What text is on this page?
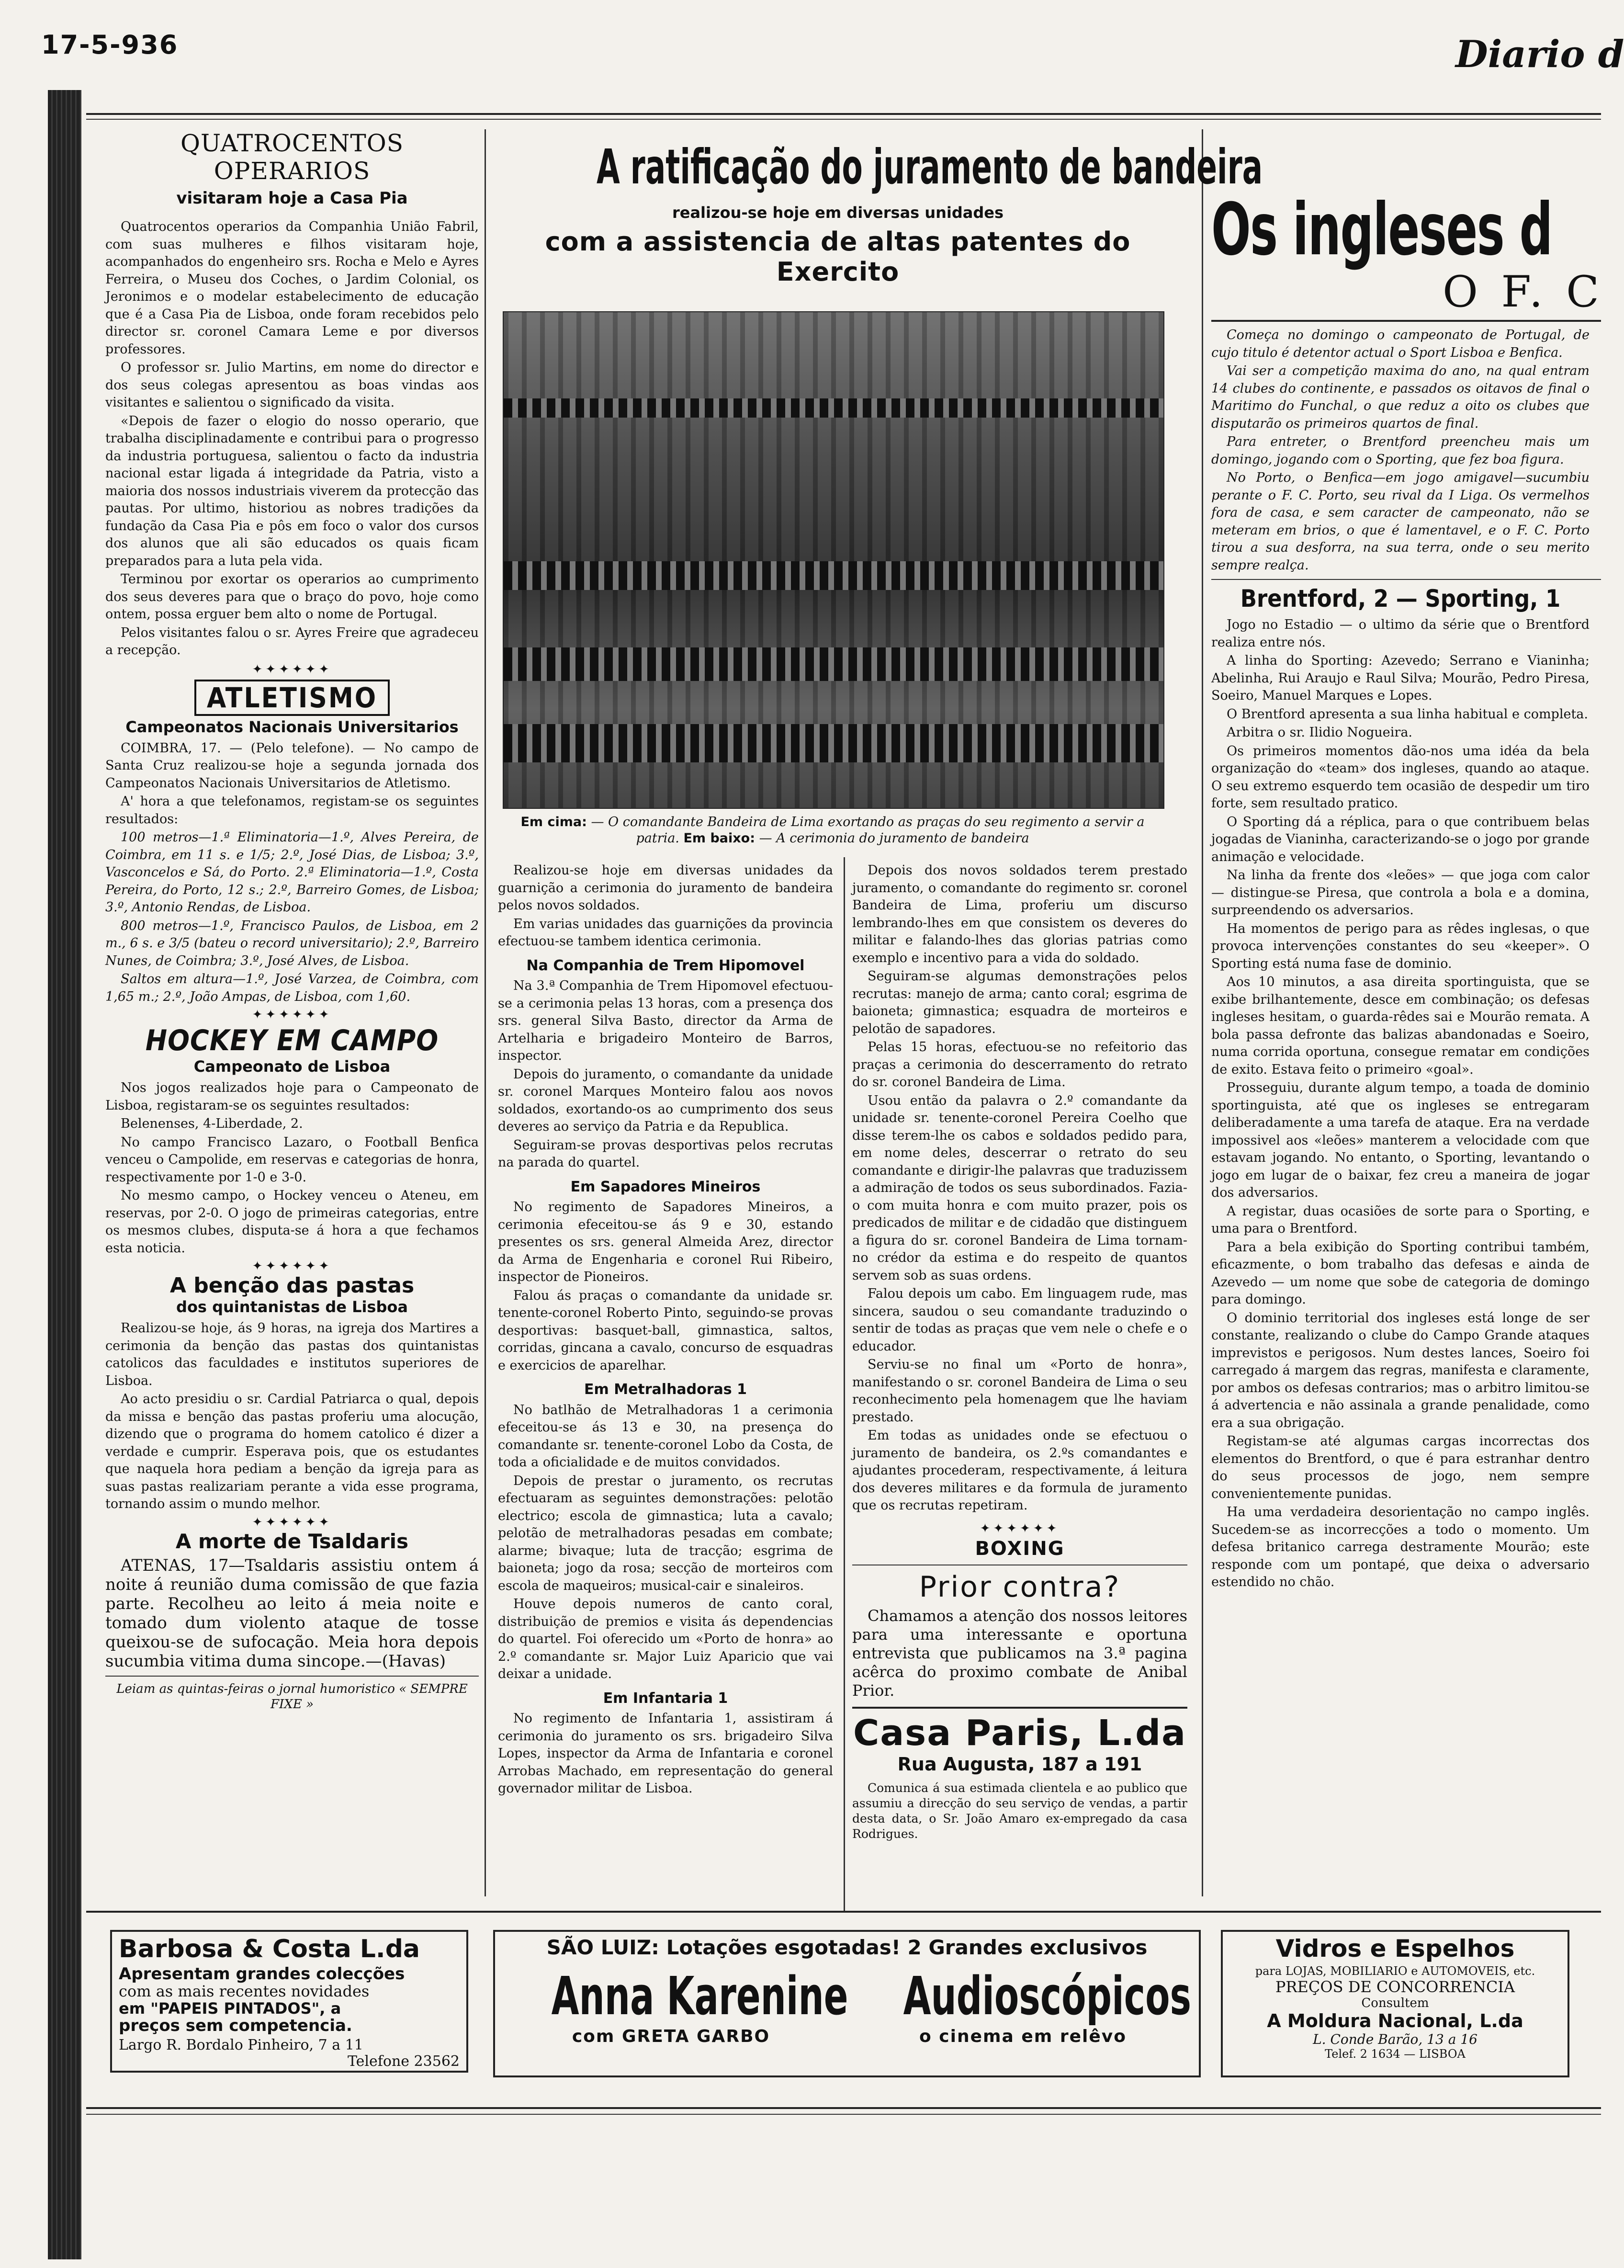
17-5-936	Diario d
QUATROCENTOS OPERARIOS
visitaram hoje a Casa Pia

Quatrocentos operarios da Companhia União Fabril, com suas mulheres e filhos visitaram hoje, acompanhados do engenheiro srs. Rocha e Melo e Ayres Ferreira, o Museu dos Coches, o Jardim Colonial, os Jeronimos e o modelar estabelecimento de educação que é a Casa Pia de Lisboa, onde foram recebidos pelo director sr. coronel Camara Leme e por diversos professores.

O professor sr. Julio Martins, em nome do director e dos seus colegas apresentou as boas vindas aos visitantes e salientou o significado da visita.

«Depois de fazer o elogio do nosso operario, que trabalha disciplinadamente e contribui para o progresso da industria portuguesa, salientou o facto da industria nacional estar ligada á integridade da Patria, visto a maioria dos nossos industriais viverem da protecção das pautas. Por ultimo, historiou as nobres tradições da fundação da Casa Pia e pôs em foco o valor dos cursos dos alunos que ali são educados os quais ficam preparados para a luta pela vida.

Terminou por exortar os operarios ao cumprimento dos seus deveres para que o braço do povo, hoje como ontem, possa erguer bem alto o nome de Portugal.

Pelos visitantes falou o sr. Ayres Freire que agradeceu a recepção.

✦✦✦✦✦✦
ATLETISMO
Campeonatos Nacionais Universitarios

COIMBRA, 17. — (Pelo telefone). — No campo de Santa Cruz realizou-se hoje a segunda jornada dos Campeonatos Nacionais Universitarios de Atletismo.

A' hora a que telefonamos, registam-se os seguintes resultados:

100 metros—1.ª Eliminatoria—1.º, Alves Pereira, de Coimbra, em 11 s. e 1/5; 2.º, José Dias, de Lisboa; 3.º, Vasconcelos e Sá, do Porto. 2.ª Eliminatoria—1.º, Costa Pereira, do Porto, 12 s.; 2.º, Barreiro Gomes, de Lisboa; 3.º, Antonio Rendas, de Lisboa.

800 metros—1.º, Francisco Paulos, de Lisboa, em 2 m., 6 s. e 3/5 (bateu o record universitario); 2.º, Barreiro Nunes, de Coimbra; 3.º, José Alves, de Lisboa.

Saltos em altura—1.º, José Varzea, de Coimbra, com 1,65 m.; 2.º, João Ampas, de Lisboa, com 1,60.

✦✦✦✦✦✦
HOCKEY EM CAMPO
Campeonato de Lisboa

Nos jogos realizados hoje para o Campeonato de Lisboa, registaram-se os seguintes resultados:

Belenenses, 4-Liberdade, 2.

No campo Francisco Lazaro, o Football Benfica venceu o Campolide, em reservas e categorias de honra, respectivamente por 1-0 e 3-0.

No mesmo campo, o Hockey venceu o Ateneu, em reservas, por 2-0. O jogo de primeiras categorias, entre os mesmos clubes, disputa-se á hora a que fechamos esta noticia.

✦✦✦✦✦✦
A benção das pastas
dos quintanistas de Lisboa

Realizou-se hoje, ás 9 horas, na igreja dos Martires a cerimonia da benção das pastas dos quintanistas catolicos das faculdades e institutos superiores de Lisboa.

Ao acto presidiu o sr. Cardial Patriarca o qual, depois da missa e benção das pastas proferiu uma alocução, dizendo que o programa do homem catolico é dizer a verdade e cumprir. Esperava pois, que os estudantes que naquela hora pediam a benção da igreja para as suas pastas realizariam perante a vida esse programa, tornando assim o mundo melhor.

✦✦✦✦✦✦
A morte de Tsaldaris

ATENAS, 17—Tsaldaris assistiu ontem á noite á reunião duma comissão de que fazia parte. Recolheu ao leito á meia noite e tomado dum violento ataque de tosse queixou-se de sufocação. Meia hora depois sucumbia vitima duma sincope.—(Havas)

Leiam as quintas-feiras o jornal humoristico « SEMPRE FIXE »
A ratificação do juramento de bandeira
realizou-se hoje em diversas unidades
com a assistencia de altas patentes do Exercito
Em cima: — O comandante Bandeira de Lima exortando as praças do seu regimento a servir a patria. Em baixo: — A cerimonia do juramento de bandeira

Realizou-se hoje em diversas unidades da guarnição a cerimonia do juramento de bandeira pelos novos soldados.

Em varias unidades das guarnições da provincia efectuou-se tambem identica cerimonia.

Na Companhia de Trem Hipomovel

Na 3.ª Companhia de Trem Hipomovel efectuou-se a cerimonia pelas 13 horas, com a presença dos srs. general Silva Basto, director da Arma de Artelharia e brigadeiro Monteiro de Barros, inspector.

Depois do juramento, o comandante da unidade sr. coronel Marques Monteiro falou aos novos soldados, exortando-os ao cumprimento dos seus deveres ao serviço da Patria e da Republica.

Seguiram-se provas desportivas pelos recrutas na parada do quartel.

Em Sapadores Mineiros

No regimento de Sapadores Mineiros, a cerimonia efeceitou-se ás 9 e 30, estando presentes os srs. general Almeida Arez, director da Arma de Engenharia e coronel Rui Ribeiro, inspector de Pioneiros.

Falou ás praças o comandante da unidade sr. tenente-coronel Roberto Pinto, seguindo-se provas desportivas: basquet-ball, gimnastica, saltos, corridas, gincana a cavalo, concurso de esquadras e exercicios de aparelhar.

Em Metralhadoras 1

No batlhão de Metralhadoras 1 a cerimonia efeceitou-se ás 13 e 30, na presença do comandante sr. tenente-coronel Lobo da Costa, de toda a oficialidade e de muitos convidados.

Depois de prestar o juramento, os recrutas efectuaram as seguintes demonstrações: pelotão electrico; escola de gimnastica; luta a cavalo; pelotão de metralhadoras pesadas em combate; alarme; bivaque; luta de tracção; esgrima de baioneta; jogo da rosa; secção de morteiros com escola de maqueiros; musical-cair e sinaleiros.

Houve depois numeros de canto coral, distribuição de premios e visita ás dependencias do quartel. Foi oferecido um «Porto de honra» ao 2.º comandante sr. Major Luiz Aparicio que vai deixar a unidade.

Em Infantaria 1

No regimento de Infantaria 1, assistiram á cerimonia do juramento os srs. brigadeiro Silva Lopes, inspector da Arma de Infantaria e coronel Arrobas Machado, em representação do general governador militar de Lisboa.

Depois dos novos soldados terem prestado juramento, o comandante do regimento sr. coronel Bandeira de Lima, proferiu um discurso lembrando-lhes em que consistem os deveres do militar e falando-lhes das glorias patrias como exemplo e incentivo para a vida do soldado.

Seguiram-se algumas demonstrações pelos recrutas: manejo de arma; canto coral; esgrima de baioneta; gimnastica; esquadra de morteiros e pelotão de sapadores.

Pelas 15 horas, efectuou-se no refeitorio das praças a cerimonia do descerramento do retrato do sr. coronel Bandeira de Lima.

Usou então da palavra o 2.º comandante da unidade sr. tenente-coronel Pereira Coelho que disse terem-lhe os cabos e soldados pedido para, em nome deles, descerrar o retrato do seu comandante e dirigir-lhe palavras que traduzissem a admiração de todos os seus subordinados. Fazia-o com muita honra e com muito prazer, pois os predicados de militar e de cidadão que distinguem a figura do sr. coronel Bandeira de Lima tornam-no crédor da estima e do respeito de quantos servem sob as suas ordens.

Falou depois um cabo. Em linguagem rude, mas sincera, saudou o seu comandante traduzindo o sentir de todas as praças que vem nele o chefe e o educador.

Serviu-se no final um «Porto de honra», manifestando o sr. coronel Bandeira de Lima o seu reconhecimento pela homenagem que lhe haviam prestado.

Em todas as unidades onde se efectuou o juramento de bandeira, os 2.ºs comandantes e ajudantes procederam, respectivamente, á leitura dos deveres militares e da formula de juramento que os recrutas repetiram.

✦✦✦✦✦✦
BOXING
Prior contra?

Chamamos a atenção dos nossos leitores para uma interessante e oportuna entrevista que publicamos na 3.ª pagina acêrca do proximo combate de Anibal Prior.

Casa Paris, L.da
Rua Augusta, 187 a 191

Comunica á sua estimada clientela e ao publico que assumiu a direcção do seu serviço de vendas, a partir desta data, o Sr. João Amaro ex-empregado da casa Rodrigues.

Os ingleses d
O F. C

Começa no domingo o campeonato de Portugal, de cujo titulo é detentor actual o Sport Lisboa e Benfica.

Vai ser a competição maxima do ano, na qual entram 14 clubes do continente, e passados os oitavos de final o Maritimo do Funchal, o que reduz a oito os clubes que disputarão os primeiros quartos de final.

Para entreter, o Brentford preencheu mais um domingo, jogando com o Sporting, que fez boa figura.

No Porto, o Benfica—em jogo amigavel—sucumbiu perante o F. C. Porto, seu rival da I Liga. Os vermelhos fora de casa, e sem caracter de campeonato, não se meteram em brios, o que é lamentavel, e o F. C. Porto tirou a sua desforra, na sua terra, onde o seu merito sempre realça.

Brentford, 2 — Sporting, 1

Jogo no Estadio — o ultimo da série que o Brentford realiza entre nós.

A linha do Sporting: Azevedo; Serrano e Vianinha; Abelinha, Rui Araujo e Raul Silva; Mourão, Pedro Piresa, Soeiro, Manuel Marques e Lopes.

O Brentford apresenta a sua linha habitual e completa.

Arbitra o sr. Ilidio Nogueira.

Os primeiros momentos dão-nos uma idéa da bela organização do «team» dos ingleses, quando ao ataque. O seu extremo esquerdo tem ocasião de despedir um tiro forte, sem resultado pratico.

O Sporting dá a réplica, para o que contribuem belas jogadas de Vianinha, caracterizando-se o jogo por grande animação e velocidade.

Na linha da frente dos «leões» — que joga com calor — distingue-se Piresa, que controla a bola e a domina, surpreendendo os adversarios.

Ha momentos de perigo para as rêdes inglesas, o que provoca intervenções constantes do seu «keeper». O Sporting está numa fase de dominio.

Aos 10 minutos, a asa direita sportinguista, que se exibe brilhantemente, desce em combinação; os defesas ingleses hesitam, o guarda-rêdes sai e Mourão remata. A bola passa defronte das balizas abandonadas e Soeiro, numa corrida oportuna, consegue rematar em condições de exito. Estava feito o primeiro «goal».

Prosseguiu, durante algum tempo, a toada de dominio sportinguista, até que os ingleses se entregaram deliberadamente a uma tarefa de ataque. Era na verdade impossivel aos «leões» manterem a velocidade com que estavam jogando. No entanto, o Sporting, levantando o jogo em lugar de o baixar, fez creu a maneira de jogar dos adversarios.

A registar, duas ocasiões de sorte para o Sporting, e uma para o Brentford.

Para a bela exibição do Sporting contribui também, eficazmente, o bom trabalho das defesas e ainda de Azevedo — um nome que sobe de categoria de domingo para domingo.

O dominio territorial dos ingleses está longe de ser constante, realizando o clube do Campo Grande ataques imprevistos e perigosos. Num destes lances, Soeiro foi carregado á margem das regras, manifesta e claramente, por ambos os defesas contrarios; mas o arbitro limitou-se á advertencia e não assinala a grande penalidade, como era a sua obrigação.

Registam-se até algumas cargas incorrectas dos elementos do Brentford, o que é para estranhar dentro do seus processos de jogo, nem sempre convenientemente punidas.

Ha uma verdadeira desorientação no campo inglês. Sucedem-se as incorrecções a todo o momento. Um defesa britanico carrega destramente Mourão; este responde com um pontapé, que deixa o adversario estendido no chão.

Barbosa & Costa L.da
Apresentam grandes colecções
com as mais recentes novidades
em "PAPEIS PINTADOS", a
preços sem competencia.
Largo R. Bordalo Pinheiro, 7 a 11
Telefone 23562
SÃO LUIZ: Lotações esgotadas! 2 Grandes exclusivos
Anna Karenine
com GRETA GARBO
Audioscópicos
o cinema em relêvo
Vidros e Espelhos
para LOJAS, MOBILIARIO e AUTOMOVEIS, etc.
PREÇOS DE CONCORRENCIA
Consultem
A Moldura Nacional, L.da
L. Conde Barão, 13 a 16
Telef. 2 1634 — LISBOA
